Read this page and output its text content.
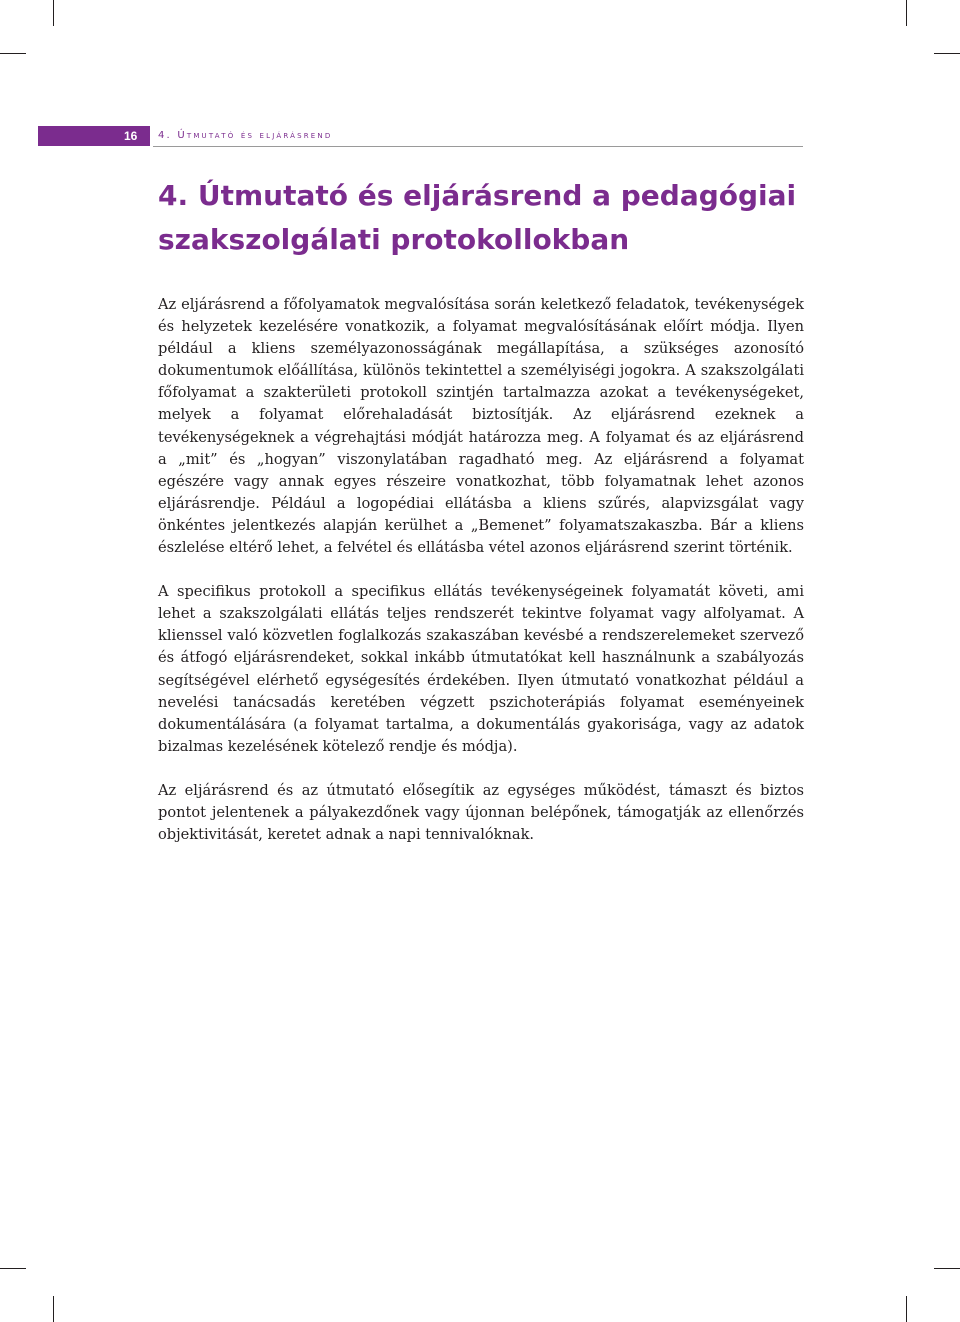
16	4. Útmutató és eljárásrend
4. Útmutató és eljárásrend a pedagógiai szakszolgálati protokollokban

Az eljárásrend a főfolyamatok megvalósítása során keletkező feladatok, tevékenységek és helyzetek kezelésére vonatkozik, a folyamat megvalósításának előírt módja. Ilyen például a kliens személyazonosságának megállapítása, a szükséges azonosító dokumentumok előállítása, különös tekintettel a személyiségi jogokra. A szakszolgálati főfolyamat a szakterületi protokoll szintjén tartalmazza azokat a tevékenységeket, melyek a folyamat előrehaladását biztosítják. Az eljárásrend ezeknek a tevékenységeknek a végrehajtási módját határozza meg. A folyamat és az eljárásrend a „mit” és „hogyan” viszonylatában ragadható meg. Az eljárásrend a folyamat egészére vagy annak egyes részeire vonatkozhat, több folyamatnak lehet azonos eljárásrendje. Például a logopédiai ellátásba a kliens szűrés, alapvizsgálat vagy önkéntes jelentkezés alapján kerülhet a „Bemenet” folyamatszakaszba. Bár a kliens észlelése eltérő lehet, a felvétel és ellátásba vétel azonos eljárásrend szerint történik.

A specifikus protokoll a specifikus ellátás tevékenységeinek folyamatát követi, ami lehet a szakszolgálati ellátás teljes rendszerét tekintve folyamat vagy alfolyamat. A klienssel való közvetlen foglalkozás szakaszában kevésbé a rendszerelemeket szervező és átfogó eljárásrendeket, sokkal inkább útmutatókat kell használnunk a szabályozás segítségével elérhető egységesítés érdekében. Ilyen útmutató vonatkozhat például a nevelési tanácsadás keretében végzett pszichoterápiás folyamat eseményeinek dokumentálására (a folyamat tartalma, a dokumentálás gyakorisága, vagy az adatok bizalmas kezelésének kötelező rendje és módja).

Az eljárásrend és az útmutató elősegítik az egységes működést, támaszt és biztos pontot jelentenek a pályakezdőnek vagy újonnan belépőnek, támogatják az ellenőrzés objektivitását, keretet adnak a napi tennivalóknak.
